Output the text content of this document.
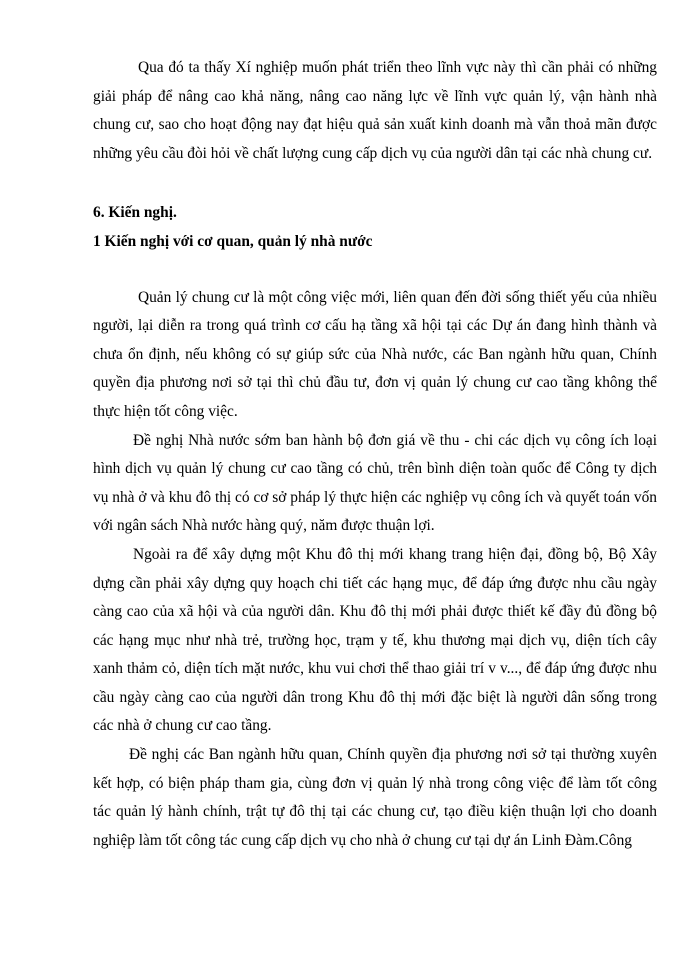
Qua đó ta thấy Xí nghiệp muốn phát triển theo lĩnh vực này thì cần phải có những giải pháp để nâng cao khả năng, nâng cao năng lực về lĩnh vực quản lý, vận hành nhà chung cư, sao cho hoạt động nay đạt hiệu quả sản xuất kinh doanh mà vẫn thoả mãn được những yêu cầu đòi hỏi về chất lượng cung cấp dịch vụ của người dân tại các nhà chung cư.

6. Kiến nghị.
1 Kiến nghị với cơ quan, quản lý nhà nước

Quản lý chung cư là một công việc mới, liên quan đến đời sống thiết yếu của nhiều người, lại diễn ra trong quá trình cơ cấu hạ tầng xã hội tại các Dự án đang hình thành và chưa ổn định, nếu không có sự giúp sức của Nhà nước, các Ban ngành hữu quan, Chính quyền địa phương nơi sở tại thì chủ đầu tư, đơn vị quản lý chung cư cao tầng không thể thực hiện tốt công việc.

Đề nghị Nhà nước sớm ban hành bộ đơn giá về thu - chi các dịch vụ công ích loại hình dịch vụ quản lý chung cư cao tầng có chủ, trên bình diện toàn quốc để Công ty dịch vụ nhà ở và khu đô thị có cơ sở pháp lý thực hiện các nghiệp vụ công ích và quyết toán vốn với ngân sách Nhà nước hàng quý, năm được thuận lợi.

Ngoài ra để xây dựng một Khu đô thị mới khang trang hiện đại, đồng bộ, Bộ Xây dựng cần phải xây dựng quy hoạch chi tiết các hạng mục, để đáp ứng được nhu cầu ngày càng cao của xã hội và của người dân. Khu đô thị mới phải được thiết kế đầy đủ đồng bộ các hạng mục như nhà trẻ, trường học, trạm y tế, khu thương mại dịch vụ, diện tích cây xanh thảm cỏ, diện tích mặt nước, khu vui chơi thể thao giải trí v v..., để đáp ứng được nhu cầu ngày càng cao của người dân trong Khu đô thị mới đặc biệt là người dân sống trong các nhà ở chung cư cao tầng.

Đề nghị các Ban ngành hữu quan, Chính quyền địa phương nơi sở tại thường xuyên kết hợp, có biện pháp tham gia, cùng đơn vị quản lý nhà trong công việc để làm tốt công tác quản lý hành chính, trật tự đô thị tại các chung cư, tạo điều kiện thuận lợi cho doanh nghiệp làm tốt công tác cung cấp dịch vụ cho nhà ở chung cư tại dự án Linh Đàm.Công
